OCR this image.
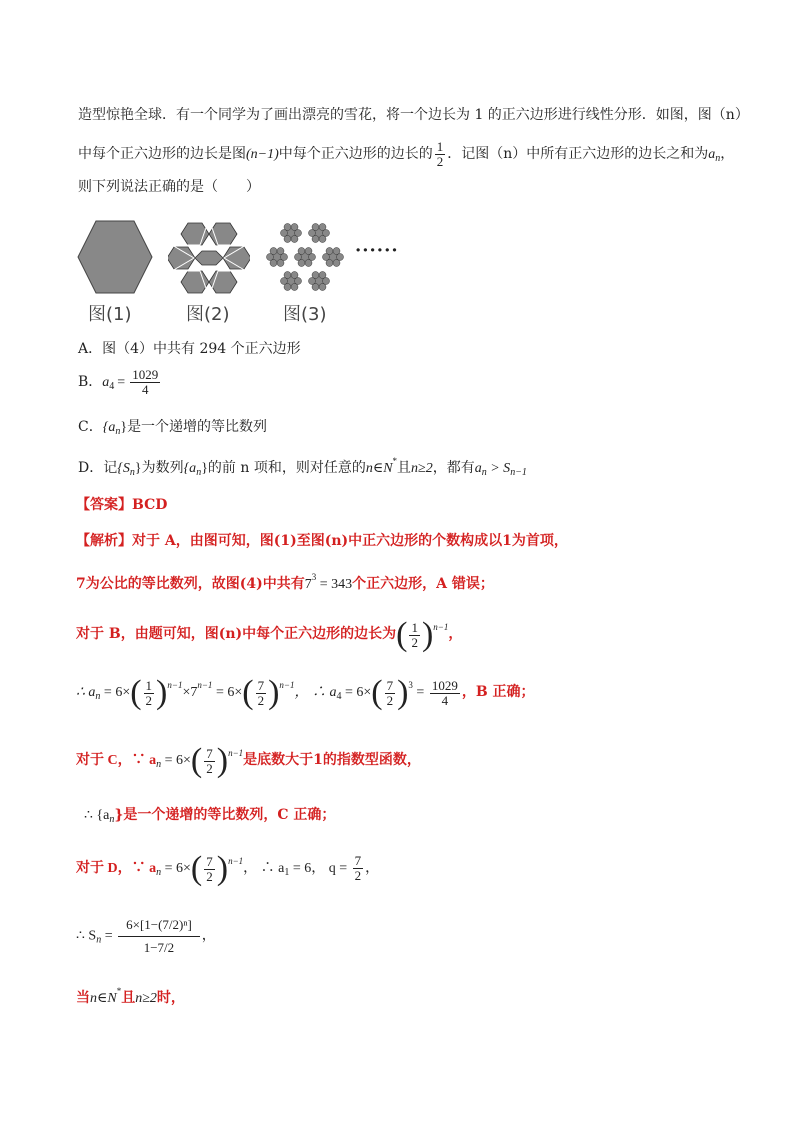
造型惊艳全球．有一个同学为了画出漂亮的雪花，将一个边长为 1 的正六边形进行线性分形．如图，图（n）
中每个正六边形的边长是图(n−1)中每个正六边形的边长的 $\frac{1}{2}$ ．记图（n）中所有正六边形的边长之和为$a_n$，
则下列说法正确的是（　　）
······
图(1)	图(2)	图(3)
A．图（4）中共有 294 个正六边形
B．$a_4 = \frac{1029}{4}$
C．$\{a_n\}$是一个递增的等比数列
D．记$\{S_n\}$为数列$\{a_n\}$的前 n 项和，则对任意的n∈N*且n≥2，都有$a_n > S_{n-1}$
【答案】BCD
【解析】对于 A，由图可知，图(1)至图(n)中正六边形的个数构成以1为首项，
7为公比的等比数列，故图(4)中共有$7^3 = 343$个正六边形，A 错误；
对于 B，由题可知，图(n)中每个正六边形的边长为( $\frac{1}{2} )^{n-1}$，
∴ $a_n = 6\times( \frac{1}{2} )^{n-1}\times 7^{n-1} = 6\times( \frac{7}{2} )^{n-1}$， ∴ $a_4 = 6\times( \frac{7}{2} )^3 = \frac{1029}{4}$ ，B 正确；
对于 C，∵ $a_n = 6\times( \frac{7}{2} )^{n-1}$是底数大于1的指数型函数，
∴ $\{a_n\}$是一个递增的等比数列，C 正确；
对于 D，∵ $a_n = 6\times( \frac{7}{2} )^{n-1}$， ∴ $a_1 = 6$， $q = \frac{7}{2}$ ，
∴ $S_n = \frac{\text{6×[1−(7/2)ⁿ]}}{1-7/2}$ ，
当n∈N*且n≥2时，
